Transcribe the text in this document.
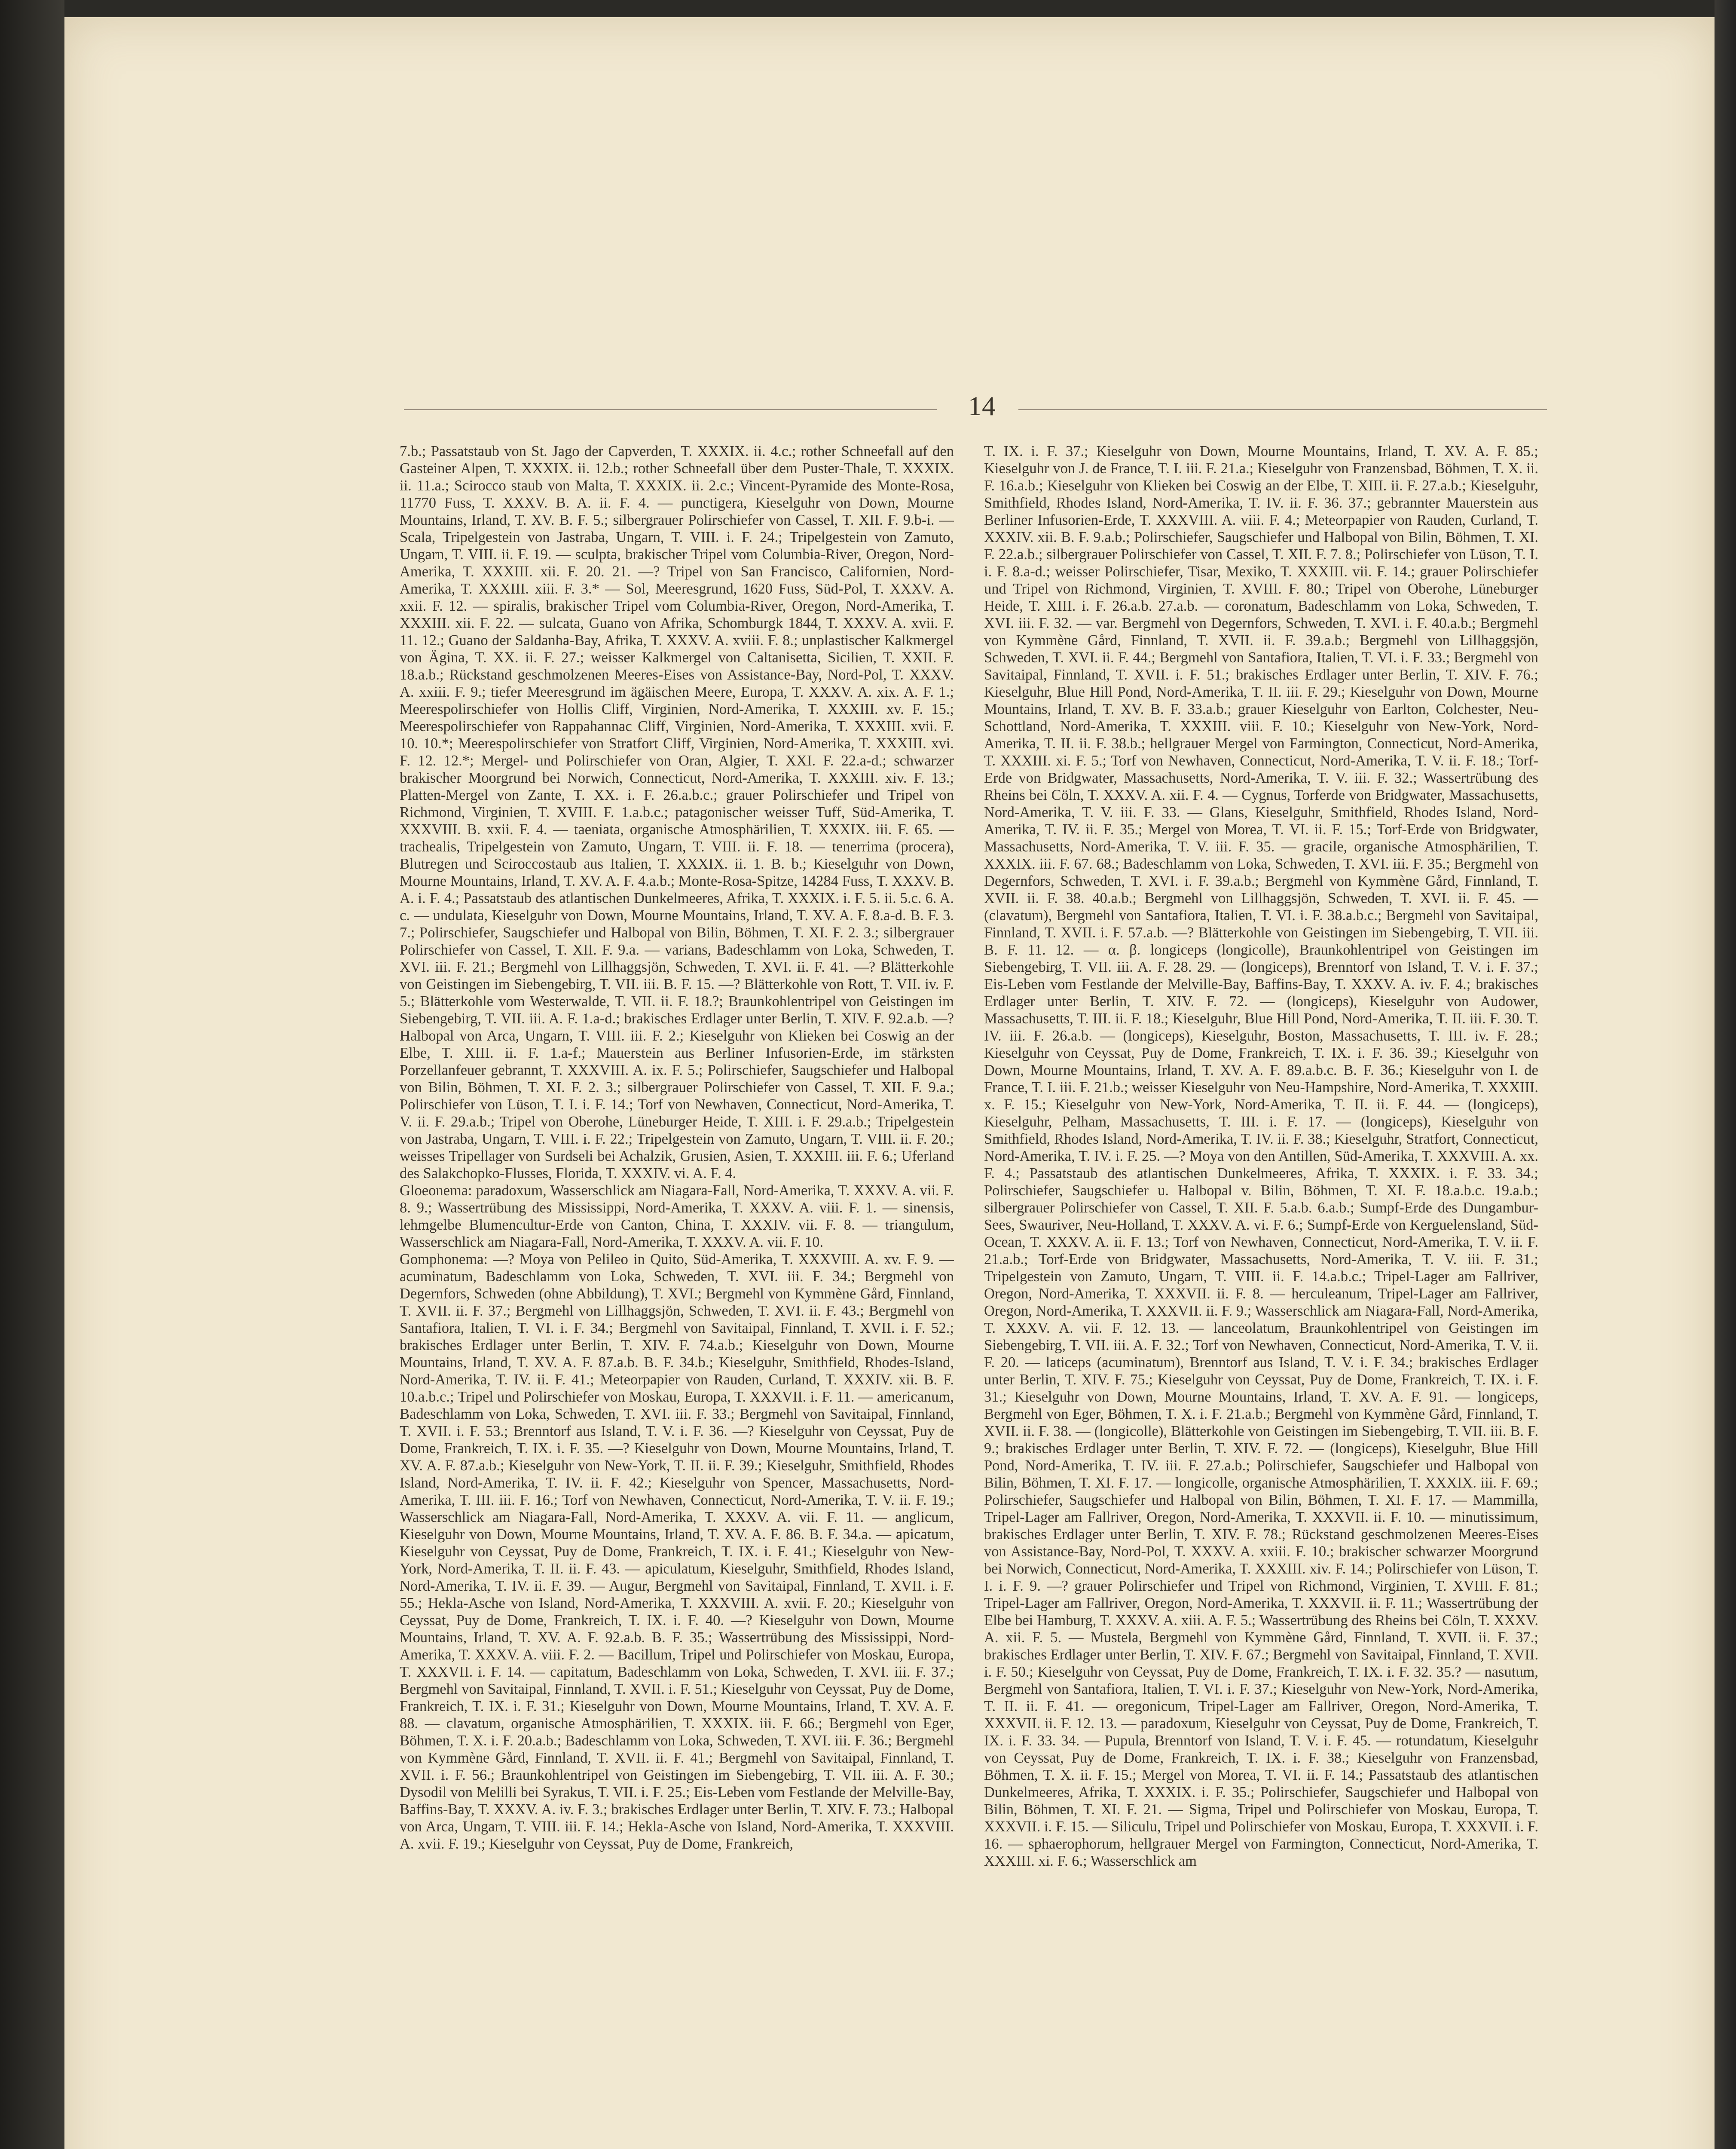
14

7.b.; Passatstaub von St. Jago der Capverden, T. XXXIX. ii. 4.c.; rother Schneefall auf den Gasteiner Alpen, T. XXXIX. ii. 12.b.; rother Schneefall über dem Puster-Thale, T. XXXIX. ii. 11.a.; Scirocco staub von Malta, T. XXXIX. ii. 2.c.; Vincent-Pyramide des Monte-Rosa, 11770 Fuss, T. XXXV. B. A. ii. F. 4. — punctigera, Kieselguhr von Down, Mourne Mountains, Irland, T. XV. B. F. 5.; silbergrauer Polirschiefer von Cassel, T. XII. F. 9.b-i. — Scala, Tripelgestein von Jastraba, Ungarn, T. VIII. i. F. 24.; Tripelgestein von Zamuto, Ungarn, T. VIII. ii. F. 19. — sculpta, brakischer Tripel vom Columbia-River, Oregon, Nord-Amerika, T. XXXIII. xii. F. 20. 21. —? Tripel von San Francisco, Californien, Nord-Amerika, T. XXXIII. xiii. F. 3.* — Sol, Meeresgrund, 1620 Fuss, Süd-Pol, T. XXXV. A. xxii. F. 12. — spiralis, brakischer Tripel vom Columbia-River, Oregon, Nord-Amerika, T. XXXIII. xii. F. 22. — sulcata, Guano von Afrika, Schomburgk 1844, T. XXXV. A. xvii. F. 11. 12.; Guano der Saldanha-Bay, Afrika, T. XXXV. A. xviii. F. 8.; unplastischer Kalkmergel von Ägina, T. XX. ii. F. 27.; weisser Kalkmergel von Caltanisetta, Sicilien, T. XXII. F. 18.a.b.; Rückstand geschmolzenen Meeres-Eises von Assistance-Bay, Nord-Pol, T. XXXV. A. xxiii. F. 9.; tiefer Meeresgrund im ägäischen Meere, Europa, T. XXXV. A. xix. A. F. 1.; Meerespolirschiefer von Hollis Cliff, Virginien, Nord-Amerika, T. XXXIII. xv. F. 15.; Meerespolirschiefer von Rappahannac Cliff, Virginien, Nord-Amerika, T. XXXIII. xvii. F. 10. 10.*; Meerespolirschiefer von Stratfort Cliff, Virginien, Nord-Amerika, T. XXXIII. xvi. F. 12. 12.*; Mergel- und Polirschiefer von Oran, Algier, T. XXI. F. 22.a-d.; schwarzer brakischer Moorgrund bei Norwich, Connecticut, Nord-Amerika, T. XXXIII. xiv. F. 13.; Platten-Mergel von Zante, T. XX. i. F. 26.a.b.c.; grauer Polirschiefer und Tripel von Richmond, Virginien, T. XVIII. F. 1.a.b.c.; patagonischer weisser Tuff, Süd-Amerika, T. XXXVIII. B. xxii. F. 4. — taeniata, organische Atmosphärilien, T. XXXIX. iii. F. 65. — trachealis, Tripelgestein von Zamuto, Ungarn, T. VIII. ii. F. 18. — tenerrima (procera), Blutregen und Sciroccostaub aus Italien, T. XXXIX. ii. 1. B. b.; Kieselguhr von Down, Mourne Mountains, Irland, T. XV. A. F. 4.a.b.; Monte-Rosa-Spitze, 14284 Fuss, T. XXXV. B. A. i. F. 4.; Passatstaub des atlantischen Dunkelmeeres, Afrika, T. XXXIX. i. F. 5. ii. 5.c. 6. A. c. — undulata, Kieselguhr von Down, Mourne Mountains, Irland, T. XV. A. F. 8.a-d. B. F. 3. 7.; Polirschiefer, Saugschiefer und Halbopal von Bilin, Böhmen, T. XI. F. 2. 3.; silbergrauer Polirschiefer von Cassel, T. XII. F. 9.a. — varians, Badeschlamm von Loka, Schweden, T. XVI. iii. F. 21.; Bergmehl von Lillhaggsjön, Schweden, T. XVI. ii. F. 41. —? Blätterkohle von Geistingen im Siebengebirg, T. VII. iii. B. F. 15. —? Blätterkohle von Rott, T. VII. iv. F. 5.; Blätterkohle vom Westerwalde, T. VII. ii. F. 18.?; Braunkohlentripel von Geistingen im Siebengebirg, T. VII. iii. A. F. 1.a-d.; brakisches Erdlager unter Berlin, T. XIV. F. 92.a.b. —? Halbopal von Arca, Ungarn, T. VIII. iii. F. 2.; Kieselguhr von Klieken bei Coswig an der Elbe, T. XIII. ii. F. 1.a-f.; Mauerstein aus Berliner Infusorien-Erde, im stärksten Porzellanfeuer gebrannt, T. XXXVIII. A. ix. F. 5.; Polirschiefer, Saugschiefer und Halbopal von Bilin, Böhmen, T. XI. F. 2. 3.; silbergrauer Polirschiefer von Cassel, T. XII. F. 9.a.; Polirschiefer von Lüson, T. I. i. F. 14.; Torf von Newhaven, Connecticut, Nord-Amerika, T. V. ii. F. 29.a.b.; Tripel von Oberohe, Lüneburger Heide, T. XIII. i. F. 29.a.b.; Tripelgestein von Jastraba, Ungarn, T. VIII. i. F. 22.; Tripelgestein von Zamuto, Ungarn, T. VIII. ii. F. 20.; weisses Tripellager von Surdseli bei Achalzik, Grusien, Asien, T. XXXIII. iii. F. 6.; Uferland des Salakchopko-Flusses, Florida, T. XXXIV. vi. A. F. 4.

Gloeonema: paradoxum, Wasserschlick am Niagara-Fall, Nord-Amerika, T. XXXV. A. vii. F. 8. 9.; Wassertrübung des Mississippi, Nord-Amerika, T. XXXV. A. viii. F. 1. — sinensis, lehmgelbe Blumencultur-Erde von Canton, China, T. XXXIV. vii. F. 8. — triangulum, Wasserschlick am Niagara-Fall, Nord-Amerika, T. XXXV. A. vii. F. 10.

Gomphonema: —? Moya von Pelileo in Quito, Süd-Amerika, T. XXXVIII. A. xv. F. 9. — acuminatum, Badeschlamm von Loka, Schweden, T. XVI. iii. F. 34.; Bergmehl von Degernfors, Schweden (ohne Abbildung), T. XVI.; Bergmehl von Kymmène Gård, Finnland, T. XVII. ii. F. 37.; Bergmehl von Lillhaggsjön, Schweden, T. XVI. ii. F. 43.; Bergmehl von Santafiora, Italien, T. VI. i. F. 34.; Bergmehl von Savitaipal, Finnland, T. XVII. i. F. 52.; brakisches Erdlager unter Berlin, T. XIV. F. 74.a.b.; Kieselguhr von Down, Mourne Mountains, Irland, T. XV. A. F. 87.a.b. B. F. 34.b.; Kieselguhr, Smithfield, Rhodes-Island, Nord-Amerika, T. IV. ii. F. 41.; Meteorpapier von Rauden, Curland, T. XXXIV. xii. B. F. 10.a.b.c.; Tripel und Polirschiefer von Moskau, Europa, T. XXXVII. i. F. 11. — americanum, Badeschlamm von Loka, Schweden, T. XVI. iii. F. 33.; Bergmehl von Savitaipal, Finnland, T. XVII. i. F. 53.; Brenntorf aus Island, T. V. i. F. 36. —? Kieselguhr von Ceyssat, Puy de Dome, Frankreich, T. IX. i. F. 35. —? Kieselguhr von Down, Mourne Mountains, Irland, T. XV. A. F. 87.a.b.; Kieselguhr von New-York, T. II. ii. F. 39.; Kieselguhr, Smithfield, Rhodes Island, Nord-Amerika, T. IV. ii. F. 42.; Kieselguhr von Spencer, Massachusetts, Nord-Amerika, T. III. iii. F. 16.; Torf von Newhaven, Connecticut, Nord-Amerika, T. V. ii. F. 19.; Wasserschlick am Niagara-Fall, Nord-Amerika, T. XXXV. A. vii. F. 11. — anglicum, Kieselguhr von Down, Mourne Mountains, Irland, T. XV. A. F. 86. B. F. 34.a. — apicatum, Kieselguhr von Ceyssat, Puy de Dome, Frankreich, T. IX. i. F. 41.; Kieselguhr von New-York, Nord-Amerika, T. II. ii. F. 43. — apiculatum, Kieselguhr, Smithfield, Rhodes Island, Nord-Amerika, T. IV. ii. F. 39. — Augur, Bergmehl von Savitaipal, Finnland, T. XVII. i. F. 55.; Hekla-Asche von Island, Nord-Amerika, T. XXXVIII. A. xvii. F. 20.; Kieselguhr von Ceyssat, Puy de Dome, Frankreich, T. IX. i. F. 40. —? Kieselguhr von Down, Mourne Mountains, Irland, T. XV. A. F. 92.a.b. B. F. 35.; Wassertrübung des Mississippi, Nord-Amerika, T. XXXV. A. viii. F. 2. — Bacillum, Tripel und Polirschiefer von Moskau, Europa, T. XXXVII. i. F. 14. — capitatum, Badeschlamm von Loka, Schweden, T. XVI. iii. F. 37.; Bergmehl von Savitaipal, Finnland, T. XVII. i. F. 51.; Kieselguhr von Ceyssat, Puy de Dome, Frankreich, T. IX. i. F. 31.; Kieselguhr von Down, Mourne Mountains, Irland, T. XV. A. F. 88. — clavatum, organische Atmosphärilien, T. XXXIX. iii. F. 66.; Bergmehl von Eger, Böhmen, T. X. i. F. 20.a.b.; Badeschlamm von Loka, Schweden, T. XVI. iii. F. 36.; Bergmehl von Kymmène Gård, Finnland, T. XVII. ii. F. 41.; Bergmehl von Savitaipal, Finnland, T. XVII. i. F. 56.; Braunkohlentripel von Geistingen im Siebengebirg, T. VII. iii. A. F. 30.; Dysodil von Melilli bei Syrakus, T. VII. i. F. 25.; Eis-Leben vom Festlande der Melville-Bay, Baffins-Bay, T. XXXV. A. iv. F. 3.; brakisches Erdlager unter Berlin, T. XIV. F. 73.; Halbopal von Arca, Ungarn, T. VIII. iii. F. 14.; Hekla-Asche von Island, Nord-Amerika, T. XXXVIII. A. xvii. F. 19.; Kieselguhr von Ceyssat, Puy de Dome, Frankreich,

T. IX. i. F. 37.; Kieselguhr von Down, Mourne Mountains, Irland, T. XV. A. F. 85.; Kieselguhr von J. de France, T. I. iii. F. 21.a.; Kieselguhr von Franzensbad, Böhmen, T. X. ii. F. 16.a.b.; Kieselguhr von Klieken bei Coswig an der Elbe, T. XIII. ii. F. 27.a.b.; Kieselguhr, Smithfield, Rhodes Island, Nord-Amerika, T. IV. ii. F. 36. 37.; gebrannter Mauerstein aus Berliner Infusorien-Erde, T. XXXVIII. A. viii. F. 4.; Meteorpapier von Rauden, Curland, T. XXXIV. xii. B. F. 9.a.b.; Polirschiefer, Saugschiefer und Halbopal von Bilin, Böhmen, T. XI. F. 22.a.b.; silbergrauer Polirschiefer von Cassel, T. XII. F. 7. 8.; Polirschiefer von Lüson, T. I. i. F. 8.a-d.; weisser Polirschiefer, Tisar, Mexiko, T. XXXIII. vii. F. 14.; grauer Polirschiefer und Tripel von Richmond, Virginien, T. XVIII. F. 80.; Tripel von Oberohe, Lüneburger Heide, T. XIII. i. F. 26.a.b. 27.a.b. — coronatum, Badeschlamm von Loka, Schweden, T. XVI. iii. F. 32. — var. Bergmehl von Degernfors, Schweden, T. XVI. i. F. 40.a.b.; Bergmehl von Kymmène Gård, Finnland, T. XVII. ii. F. 39.a.b.; Bergmehl von Lillhaggsjön, Schweden, T. XVI. ii. F. 44.; Bergmehl von Santafiora, Italien, T. VI. i. F. 33.; Bergmehl von Savitaipal, Finnland, T. XVII. i. F. 51.; brakisches Erdlager unter Berlin, T. XIV. F. 76.; Kieselguhr, Blue Hill Pond, Nord-Amerika, T. II. iii. F. 29.; Kieselguhr von Down, Mourne Mountains, Irland, T. XV. B. F. 33.a.b.; grauer Kieselguhr von Earlton, Colchester, Neu-Schottland, Nord-Amerika, T. XXXIII. viii. F. 10.; Kieselguhr von New-York, Nord-Amerika, T. II. ii. F. 38.b.; hellgrauer Mergel von Farmington, Connecticut, Nord-Amerika, T. XXXIII. xi. F. 5.; Torf von Newhaven, Connecticut, Nord-Amerika, T. V. ii. F. 18.; Torf-Erde von Bridgwater, Massachusetts, Nord-Amerika, T. V. iii. F. 32.; Wassertrübung des Rheins bei Cöln, T. XXXV. A. xii. F. 4. — Cygnus, Torferde von Bridgwater, Massachusetts, Nord-Amerika, T. V. iii. F. 33. — Glans, Kieselguhr, Smithfield, Rhodes Island, Nord-Amerika, T. IV. ii. F. 35.; Mergel von Morea, T. VI. ii. F. 15.; Torf-Erde von Bridgwater, Massachusetts, Nord-Amerika, T. V. iii. F. 35. — gracile, organische Atmosphärilien, T. XXXIX. iii. F. 67. 68.; Badeschlamm von Loka, Schweden, T. XVI. iii. F. 35.; Bergmehl von Degernfors, Schweden, T. XVI. i. F. 39.a.b.; Bergmehl von Kymmène Gård, Finnland, T. XVII. ii. F. 38. 40.a.b.; Bergmehl von Lillhaggsjön, Schweden, T. XVI. ii. F. 45. — (clavatum), Bergmehl von Santafiora, Italien, T. VI. i. F. 38.a.b.c.; Bergmehl von Savitaipal, Finnland, T. XVII. i. F. 57.a.b. —? Blätterkohle von Geistingen im Siebengebirg, T. VII. iii. B. F. 11. 12. — α. β. longiceps (longicolle), Braunkohlentripel von Geistingen im Siebengebirg, T. VII. iii. A. F. 28. 29. — (longiceps), Brenntorf von Island, T. V. i. F. 37.; Eis-Leben vom Festlande der Melville-Bay, Baffins-Bay, T. XXXV. A. iv. F. 4.; brakisches Erdlager unter Berlin, T. XIV. F. 72. — (longiceps), Kieselguhr von Audower, Massachusetts, T. III. ii. F. 18.; Kieselguhr, Blue Hill Pond, Nord-Amerika, T. II. iii. F. 30. T. IV. iii. F. 26.a.b. — (longiceps), Kieselguhr, Boston, Massachusetts, T. III. iv. F. 28.; Kieselguhr von Ceyssat, Puy de Dome, Frankreich, T. IX. i. F. 36. 39.; Kieselguhr von Down, Mourne Mountains, Irland, T. XV. A. F. 89.a.b.c. B. F. 36.; Kieselguhr von I. de France, T. I. iii. F. 21.b.; weisser Kieselguhr von Neu-Hampshire, Nord-Amerika, T. XXXIII. x. F. 15.; Kieselguhr von New-York, Nord-Amerika, T. II. ii. F. 44. — (longiceps), Kieselguhr, Pelham, Massachusetts, T. III. i. F. 17. — (longiceps), Kieselguhr von Smithfield, Rhodes Island, Nord-Amerika, T. IV. ii. F. 38.; Kieselguhr, Stratfort, Connecticut, Nord-Amerika, T. IV. i. F. 25. —? Moya von den Antillen, Süd-Amerika, T. XXXVIII. A. xx. F. 4.; Passatstaub des atlantischen Dunkelmeeres, Afrika, T. XXXIX. i. F. 33. 34.; Polirschiefer, Saugschiefer u. Halbopal v. Bilin, Böhmen, T. XI. F. 18.a.b.c. 19.a.b.; silbergrauer Polirschiefer von Cassel, T. XII. F. 5.a.b. 6.a.b.; Sumpf-Erde des Dungambur-Sees, Swauriver, Neu-Holland, T. XXXV. A. vi. F. 6.; Sumpf-Erde von Kerguelensland, Süd-Ocean, T. XXXV. A. ii. F. 13.; Torf von Newhaven, Connecticut, Nord-Amerika, T. V. ii. F. 21.a.b.; Torf-Erde von Bridgwater, Massachusetts, Nord-Amerika, T. V. iii. F. 31.; Tripelgestein von Zamuto, Ungarn, T. VIII. ii. F. 14.a.b.c.; Tripel-Lager am Fallriver, Oregon, Nord-Amerika, T. XXXVII. ii. F. 8. — herculeanum, Tripel-Lager am Fallriver, Oregon, Nord-Amerika, T. XXXVII. ii. F. 9.; Wasserschlick am Niagara-Fall, Nord-Amerika, T. XXXV. A. vii. F. 12. 13. — lanceolatum, Braunkohlentripel von Geistingen im Siebengebirg, T. VII. iii. A. F. 32.; Torf von Newhaven, Connecticut, Nord-Amerika, T. V. ii. F. 20. — laticeps (acuminatum), Brenntorf aus Island, T. V. i. F. 34.; brakisches Erdlager unter Berlin, T. XIV. F. 75.; Kieselguhr von Ceyssat, Puy de Dome, Frankreich, T. IX. i. F. 31.; Kieselguhr von Down, Mourne Mountains, Irland, T. XV. A. F. 91. — longiceps, Bergmehl von Eger, Böhmen, T. X. i. F. 21.a.b.; Bergmehl von Kymmène Gård, Finnland, T. XVII. ii. F. 38. — (longicolle), Blätterkohle von Geistingen im Siebengebirg, T. VII. iii. B. F. 9.; brakisches Erdlager unter Berlin, T. XIV. F. 72. — (longiceps), Kieselguhr, Blue Hill Pond, Nord-Amerika, T. IV. iii. F. 27.a.b.; Polirschiefer, Saugschiefer und Halbopal von Bilin, Böhmen, T. XI. F. 17. — longicolle, organische Atmosphärilien, T. XXXIX. iii. F. 69.; Polirschiefer, Saugschiefer und Halbopal von Bilin, Böhmen, T. XI. F. 17. — Mammilla, Tripel-Lager am Fallriver, Oregon, Nord-Amerika, T. XXXVII. ii. F. 10. — minutissimum, brakisches Erdlager unter Berlin, T. XIV. F. 78.; Rückstand geschmolzenen Meeres-Eises von Assistance-Bay, Nord-Pol, T. XXXV. A. xxiii. F. 10.; brakischer schwarzer Moorgrund bei Norwich, Connecticut, Nord-Amerika, T. XXXIII. xiv. F. 14.; Polirschiefer von Lüson, T. I. i. F. 9. —? grauer Polirschiefer und Tripel von Richmond, Virginien, T. XVIII. F. 81.; Tripel-Lager am Fallriver, Oregon, Nord-Amerika, T. XXXVII. ii. F. 11.; Wassertrübung der Elbe bei Hamburg, T. XXXV. A. xiii. A. F. 5.; Wassertrübung des Rheins bei Cöln, T. XXXV. A. xii. F. 5. — Mustela, Bergmehl von Kymmène Gård, Finnland, T. XVII. ii. F. 37.; brakisches Erdlager unter Berlin, T. XIV. F. 67.; Bergmehl von Savitaipal, Finnland, T. XVII. i. F. 50.; Kieselguhr von Ceyssat, Puy de Dome, Frankreich, T. IX. i. F. 32. 35.? — nasutum, Bergmehl von Santafiora, Italien, T. VI. i. F. 37.; Kieselguhr von New-York, Nord-Amerika, T. II. ii. F. 41. — oregonicum, Tripel-Lager am Fallriver, Oregon, Nord-Amerika, T. XXXVII. ii. F. 12. 13. — paradoxum, Kieselguhr von Ceyssat, Puy de Dome, Frankreich, T. IX. i. F. 33. 34. — Pupula, Brenntorf von Island, T. V. i. F. 45. — rotundatum, Kieselguhr von Ceyssat, Puy de Dome, Frankreich, T. IX. i. F. 38.; Kieselguhr von Franzensbad, Böhmen, T. X. ii. F. 15.; Mergel von Morea, T. VI. ii. F. 14.; Passatstaub des atlantischen Dunkelmeeres, Afrika, T. XXXIX. i. F. 35.; Polirschiefer, Saugschiefer und Halbopal von Bilin, Böhmen, T. XI. F. 21. — Sigma, Tripel und Polirschiefer von Moskau, Europa, T. XXXVII. i. F. 15. — Siliculu, Tripel und Polirschiefer von Moskau, Europa, T. XXXVII. i. F. 16. — sphaerophorum, hellgrauer Mergel von Farmington, Connecticut, Nord-Amerika, T. XXXIII. xi. F. 6.; Wasserschlick am
